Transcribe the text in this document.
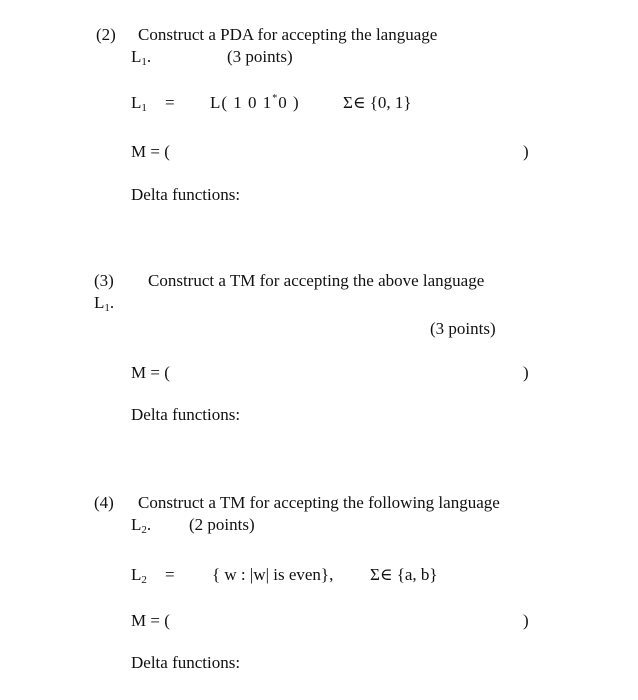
(2) Construct a PDA for accepting the language
$L_1$.	(3 points)
$L_1 = L$( 1 0 1*0 )	Σ∈ {0, 1}
M = (	)
Delta functions:
(3) Construct a TM for accepting the above language
$L_1$.
(3 points)
M = (	)
Delta functions:
(4) Construct a TM for accepting the following language
$L_2$. (2 points)
$L_2$ = { w : |w| is even}, Σ∈ {a, b}
M = (	)
Delta functions:
